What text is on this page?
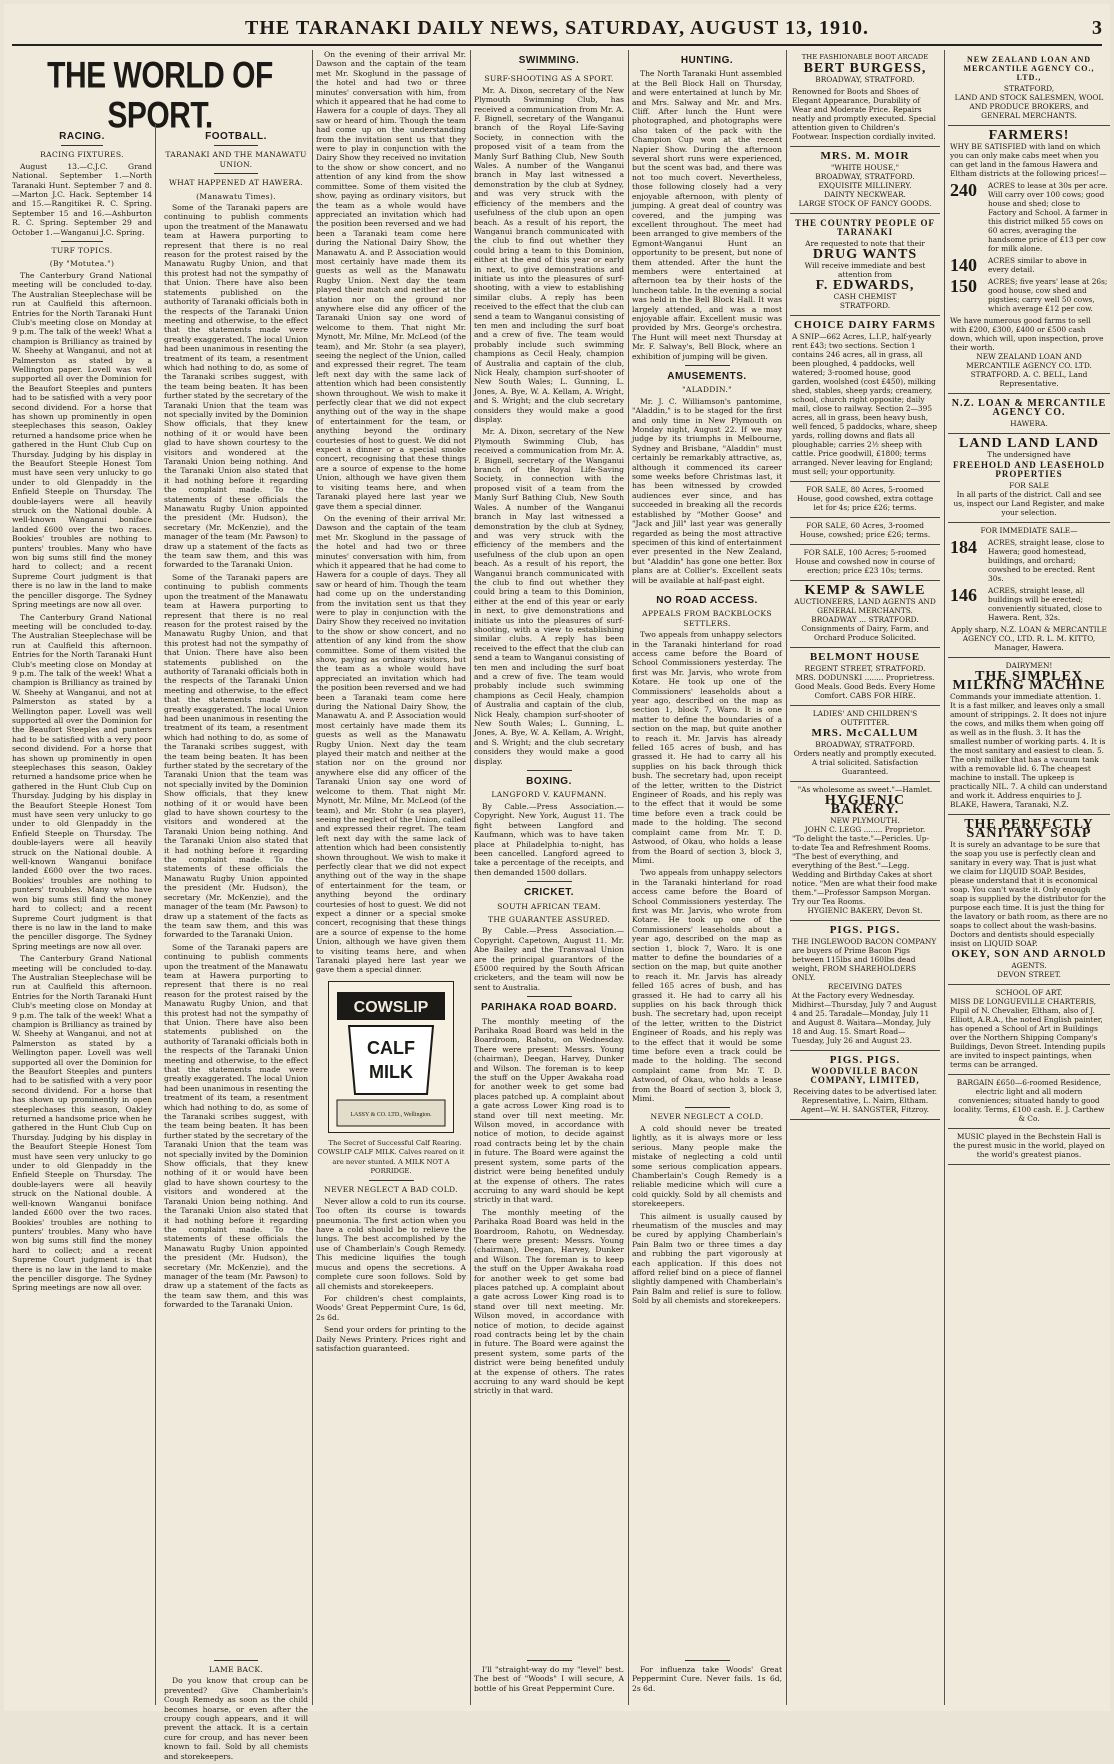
THE TARANAKI DAILY NEWS, SATURDAY, AUGUST 13, 1910.	3
THE WORLD OF SPORT.
RACING.
RACING FIXTURES.

August 13.—C.J.C. Grand National. September 1.—North Taranaki Hunt. September 7 and 8.—Marton J.C. Hack. September 14 and 15.—Rangitikei R. C. Spring. September 15 and 16.—Ashburton R. C. Spring. September 29 and October 1.—Wanganui J.C. Spring.

TURF TOPICS.
(By "Motutea.")

The Canterbury Grand National meeting will be concluded to-day. The Australian Steeplechase will be run at Caulfield this afternoon. Entries for the North Taranaki Hunt Club's meeting close on Monday at 9 p.m. The talk of the week! What a champion is Brilliancy as trained by W. Sheehy at Wanganui, and not at Palmerston as stated by a Wellington paper. Lovell was well supported all over the Dominion for the Beaufort Steeples and punters had to be satisfied with a very poor second dividend. For a horse that has shown up prominently in open steeplechases this season, Oakley returned a handsome price when he gathered in the Hunt Club Cup on Thursday. Judging by his display in the Beaufort Steeple Honest Tom must have seen very unlucky to go under to old Glenpaddy in the Enfield Steeple on Thursday. The double-layers were all heavily struck on the National double. A well-known Wanganui boniface landed £600 over the two races. Bookies' troubles are nothing to punters' troubles. Many who have won big sums still find the money hard to collect; and a recent Supreme Court judgment is that there is no law in the land to make the penciller disgorge. The Sydney Spring meetings are now all over.

The Canterbury Grand National meeting will be concluded to-day. The Australian Steeplechase will be run at Caulfield this afternoon. Entries for the North Taranaki Hunt Club's meeting close on Monday at 9 p.m. The talk of the week! What a champion is Brilliancy as trained by W. Sheehy at Wanganui, and not at Palmerston as stated by a Wellington paper. Lovell was well supported all over the Dominion for the Beaufort Steeples and punters had to be satisfied with a very poor second dividend. For a horse that has shown up prominently in open steeplechases this season, Oakley returned a handsome price when he gathered in the Hunt Club Cup on Thursday. Judging by his display in the Beaufort Steeple Honest Tom must have seen very unlucky to go under to old Glenpaddy in the Enfield Steeple on Thursday. The double-layers were all heavily struck on the National double. A well-known Wanganui boniface landed £600 over the two races. Bookies' troubles are nothing to punters' troubles. Many who have won big sums still find the money hard to collect; and a recent Supreme Court judgment is that there is no law in the land to make the penciller disgorge. The Sydney Spring meetings are now all over.

The Canterbury Grand National meeting will be concluded to-day. The Australian Steeplechase will be run at Caulfield this afternoon. Entries for the North Taranaki Hunt Club's meeting close on Monday at 9 p.m. The talk of the week! What a champion is Brilliancy as trained by W. Sheehy at Wanganui, and not at Palmerston as stated by a Wellington paper. Lovell was well supported all over the Dominion for the Beaufort Steeples and punters had to be satisfied with a very poor second dividend. For a horse that has shown up prominently in open steeplechases this season, Oakley returned a handsome price when he gathered in the Hunt Club Cup on Thursday. Judging by his display in the Beaufort Steeple Honest Tom must have seen very unlucky to go under to old Glenpaddy in the Enfield Steeple on Thursday. The double-layers were all heavily struck on the National double. A well-known Wanganui boniface landed £600 over the two races. Bookies' troubles are nothing to punters' troubles. Many who have won big sums still find the money hard to collect; and a recent Supreme Court judgment is that there is no law in the land to make the penciller disgorge. The Sydney Spring meetings are now all over.

FOOTBALL.
TARANAKI AND THE MANAWATU UNION.
WHAT HAPPENED AT HAWERA.
(Manawatu Times).

Some of the Taranaki papers are continuing to publish comments upon the treatment of the Manawatu team at Hawera purporting to represent that there is no real reason for the protest raised by the Manawatu Rugby Union, and that this protest had not the sympathy of that Union. There have also been statements published on the authority of Taranaki officials both in the respects of the Taranaki Union meeting and otherwise, to the effect that the statements made were greatly exaggerated. The local Union had been unanimous in resenting the treatment of its team, a resentment which had nothing to do, as some of the Taranaki scribes suggest, with the team being beaten. It has been further stated by the secretary of the Taranaki Union that the team was not specially invited by the Dominion Show officials, that they knew nothing of it or would have been glad to have shown courtesy to the visitors and wondered at the Taranaki Union being nothing. And the Taranaki Union also stated that it had nothing before it regarding the complaint made. To the statements of these officials the Manawatu Rugby Union appointed the president (Mr. Hudson), the secretary (Mr. McKenzie), and the manager of the team (Mr. Pawson) to draw up a statement of the facts as the team saw them, and this was forwarded to the Taranaki Union.

Some of the Taranaki papers are continuing to publish comments upon the treatment of the Manawatu team at Hawera purporting to represent that there is no real reason for the protest raised by the Manawatu Rugby Union, and that this protest had not the sympathy of that Union. There have also been statements published on the authority of Taranaki officials both in the respects of the Taranaki Union meeting and otherwise, to the effect that the statements made were greatly exaggerated. The local Union had been unanimous in resenting the treatment of its team, a resentment which had nothing to do, as some of the Taranaki scribes suggest, with the team being beaten. It has been further stated by the secretary of the Taranaki Union that the team was not specially invited by the Dominion Show officials, that they knew nothing of it or would have been glad to have shown courtesy to the visitors and wondered at the Taranaki Union being nothing. And the Taranaki Union also stated that it had nothing before it regarding the complaint made. To the statements of these officials the Manawatu Rugby Union appointed the president (Mr. Hudson), the secretary (Mr. McKenzie), and the manager of the team (Mr. Pawson) to draw up a statement of the facts as the team saw them, and this was forwarded to the Taranaki Union.

Some of the Taranaki papers are continuing to publish comments upon the treatment of the Manawatu team at Hawera purporting to represent that there is no real reason for the protest raised by the Manawatu Rugby Union, and that this protest had not the sympathy of that Union. There have also been statements published on the authority of Taranaki officials both in the respects of the Taranaki Union meeting and otherwise, to the effect that the statements made were greatly exaggerated. The local Union had been unanimous in resenting the treatment of its team, a resentment which had nothing to do, as some of the Taranaki scribes suggest, with the team being beaten. It has been further stated by the secretary of the Taranaki Union that the team was not specially invited by the Dominion Show officials, that they knew nothing of it or would have been glad to have shown courtesy to the visitors and wondered at the Taranaki Union being nothing. And the Taranaki Union also stated that it had nothing before it regarding the complaint made. To the statements of these officials the Manawatu Rugby Union appointed the president (Mr. Hudson), the secretary (Mr. McKenzie), and the manager of the team (Mr. Pawson) to draw up a statement of the facts as the team saw them, and this was forwarded to the Taranaki Union.

LAME BACK.

Do you know that croup can be prevented? Give Chamberlain's Cough Remedy as soon as the child becomes hoarse, or even after the croupy cough appears, and it will prevent the attack. It is a certain cure for croup, and has never been known to fail. Sold by all chemists and storekeepers.

On the evening of their arrival Mr. Dawson and the captain of the team met Mr. Skoglund in the passage of the hotel and had two or three minutes' conversation with him, from which it appeared that he had come to Hawera for a couple of days. They all saw or heard of him. Though the team had come up on the understanding from the invitation sent us that they were to play in conjunction with the Dairy Show they received no invitation to the show or show concert, and no attention of any kind from the show committee. Some of them visited the show, paying as ordinary visitors, but the team as a whole would have appreciated an invitation which had the position been reversed and we had been a Taranaki team come here during the National Dairy Show, the Manawatu A. and P. Association would most certainly have made them its guests as well as the Manawatu Rugby Union. Next day the team played their match and neither at the station nor on the ground nor anywhere else did any officer of the Taranaki Union say one word of welcome to them. That night Mr. Mynott, Mr. Milne, Mr. McLeod (of the team), and Mr. Stohr (a sea player), seeing the neglect of the Union, called and expressed their regret. The team left next day with the same lack of attention which had been consistently shown throughout. We wish to make it perfectly clear that we did not expect anything out of the way in the shape of entertainment for the team, or anything beyond the ordinary courtesies of host to guest. We did not expect a dinner or a special smoke concert, recognising that these things are a source of expense to the home Union, although we have given them to visiting teams here, and when Taranaki played here last year we gave them a special dinner.

On the evening of their arrival Mr. Dawson and the captain of the team met Mr. Skoglund in the passage of the hotel and had two or three minutes' conversation with him, from which it appeared that he had come to Hawera for a couple of days. They all saw or heard of him. Though the team had come up on the understanding from the invitation sent us that they were to play in conjunction with the Dairy Show they received no invitation to the show or show concert, and no attention of any kind from the show committee. Some of them visited the show, paying as ordinary visitors, but the team as a whole would have appreciated an invitation which had the position been reversed and we had been a Taranaki team come here during the National Dairy Show, the Manawatu A. and P. Association would most certainly have made them its guests as well as the Manawatu Rugby Union. Next day the team played their match and neither at the station nor on the ground nor anywhere else did any officer of the Taranaki Union say one word of welcome to them. That night Mr. Mynott, Mr. Milne, Mr. McLeod (of the team), and Mr. Stohr (a sea player), seeing the neglect of the Union, called and expressed their regret. The team left next day with the same lack of attention which had been consistently shown throughout. We wish to make it perfectly clear that we did not expect anything out of the way in the shape of entertainment for the team, or anything beyond the ordinary courtesies of host to guest. We did not expect a dinner or a special smoke concert, recognising that these things are a source of expense to the home Union, although we have given them to visiting teams here, and when Taranaki played here last year we gave them a special dinner.

COWSLIP
CALF
MILK
LASSY & CO. LTD., Wellington.

The Secret of Successful Calf Rearing. COWSLIP CALF MILK. Calves reared on it are never stunted. A MILK NOT A PORRIDGE.

NEVER NEGLECT A BAD COLD.

Never allow a cold to run its course. Too often its course is towards pneumonia. The first action when you have a cold should be to relieve the lungs. The best accomplished by the use of Chamberlain's Cough Remedy. This medicine liquifies the tough mucus and opens the secretions. A complete cure soon follows. Sold by all chemists and storekeepers.

For children's chest complaints, Woods' Great Peppermint Cure, 1s 6d, 2s 6d.

Send your orders for printing to the Daily News Printery. Prices right and satisfaction guaranteed.

SWIMMING.
SURF-SHOOTING AS A SPORT.

Mr. A. Dixon, secretary of the New Plymouth Swimming Club, has received a communication from Mr. A. F. Bignell, secretary of the Wanganui branch of the Royal Life-Saving Society, in connection with the proposed visit of a team from the Manly Surf Bathing Club, New South Wales. A number of the Wanganui branch in May last witnessed a demonstration by the club at Sydney, and was very struck with the efficiency of the members and the usefulness of the club upon an open beach. As a result of his report, the Wanganui branch communicated with the club to find out whether they could bring a team to this Dominion, either at the end of this year or early in next, to give demonstrations and initiate us into the pleasures of surf-shooting, with a view to establishing similar clubs. A reply has been received to the effect that the club can send a team to Wanganui consisting of ten men and including the surf boat and a crew of five. The team would probably include such swimming champions as Cecil Healy, champion of Australia and captain of the club, Nick Healy, champion surf-shooter of New South Wales; L. Gunning, L. Jones, A. Bye, W. A. Kellam, A. Wright, and S. Wright; and the club secretary considers they would make a good display.

Mr. A. Dixon, secretary of the New Plymouth Swimming Club, has received a communication from Mr. A. F. Bignell, secretary of the Wanganui branch of the Royal Life-Saving Society, in connection with the proposed visit of a team from the Manly Surf Bathing Club, New South Wales. A number of the Wanganui branch in May last witnessed a demonstration by the club at Sydney, and was very struck with the efficiency of the members and the usefulness of the club upon an open beach. As a result of his report, the Wanganui branch communicated with the club to find out whether they could bring a team to this Dominion, either at the end of this year or early in next, to give demonstrations and initiate us into the pleasures of surf-shooting, with a view to establishing similar clubs. A reply has been received to the effect that the club can send a team to Wanganui consisting of ten men and including the surf boat and a crew of five. The team would probably include such swimming champions as Cecil Healy, champion of Australia and captain of the club, Nick Healy, champion surf-shooter of New South Wales; L. Gunning, L. Jones, A. Bye, W. A. Kellam, A. Wright, and S. Wright; and the club secretary considers they would make a good display.

BOXING.
LANGFORD V. KAUFMANN.

By Cable.—Press Association.—Copyright. New York, August 11. The fight between Langford and Kaufmann, which was to have taken place at Philadelphia to-night, has been cancelled. Langford agreed to take a percentage of the receipts, and then demanded 1500 dollars.

CRICKET.
SOUTH AFRICAN TEAM.
THE GUARANTEE ASSURED.

By Cable.—Press Association.—Copyright. Capetown, August 11. Mr. Abe Bailey and the Transvaal Union are the principal guarantors of the £5000 required by the South African cricketers, and the team will now be sent to Australia.

PARIHAKA ROAD BOARD.

The monthly meeting of the Parihaka Road Board was held in the Boardroom, Rahotu, on Wednesday. There were present: Messrs. Young (chairman), Deegan, Harvey, Dunker and Wilson. The foreman is to keep the stuff on the Upper Awakaha road for another week to get some bad places patched up. A complaint about a gate across Lower King road is to stand over till next meeting. Mr. Wilson moved, in accordance with notice of motion, to decide against road contracts being let by the chain in future. The Board were against the present system, some parts of the district were being benefited unduly at the expense of others. The rates accruing to any ward should be kept strictly in that ward.

The monthly meeting of the Parihaka Road Board was held in the Boardroom, Rahotu, on Wednesday. There were present: Messrs. Young (chairman), Deegan, Harvey, Dunker and Wilson. The foreman is to keep the stuff on the Upper Awakaha road for another week to get some bad places patched up. A complaint about a gate across Lower King road is to stand over till next meeting. Mr. Wilson moved, in accordance with notice of motion, to decide against road contracts being let by the chain in future. The Board were against the present system, some parts of the district were being benefited unduly at the expense of others. The rates accruing to any ward should be kept strictly in that ward.

I'll "straight-way do my "level" best. The best of "Woods" I will secure, A bottle of his Great Peppermint Cure.

HUNTING.

The North Taranaki Hunt assembled at the Bell Block Hall on Thursday, and were entertained at lunch by Mr. and Mrs. Salway and Mr. and Mrs. Cliff. After lunch the Hunt were photographed, and photographs were also taken of the pack with the Champion Cup won at the recent Napier Show. During the afternoon several short runs were experienced, but the scent was bad, and there was not too much covert. Nevertheless, those following closely had a very enjoyable afternoon, with plenty of jumping. A great deal of country was covered, and the jumping was excellent throughout. The meet had been arranged to give members of the Egmont-Wanganui Hunt an opportunity to be present, but none of them attended. After the hunt the members were entertained at afternoon tea by their hosts of the luncheon table. In the evening a social was held in the Bell Block Hall. It was largely attended, and was a most enjoyable affair. Excellent music was provided by Mrs. George's orchestra. The Hunt will meet next Thursday at Mr. F. Salway's, Bell Block, where an exhibition of jumping will be given.

AMUSEMENTS.
"ALADDIN."

Mr. J. C. Williamson's pantomime, "Aladdin," is to be staged for the first and only time in New Plymouth on Monday night, August 22. If we may judge by its triumphs in Melbourne, Sydney and Brisbane, "Aladdin" must certainly be remarkably attractive, as, although it commenced its career some weeks before Christmas last, it has been witnessed by crowded audiences ever since, and has succeeded in breaking all the records established by "Mother Goose" and "Jack and Jill" last year was generally regarded as being the most attractive specimen of this kind of entertainment ever presented in the New Zealand, but "Aladdin" has gone one better. Box plans are at Collier's. Excellent seats will be available at half-past eight.

NO ROAD ACCESS.
APPEALS FROM BACKBLOCKS SETTLERS.

Two appeals from unhappy selectors in the Taranaki hinterland for road access came before the Board of School Commissioners yesterday. The first was Mr. Jarvis, who wrote from Kotare. He took up one of the Commissioners' leaseholds about a year ago, described on the map as section 1, block 7, Waro. It is one matter to define the boundaries of a section on the map, but quite another to reach it. Mr. Jarvis has already felled 165 acres of bush, and has grassed it. He had to carry all his supplies on his back through thick bush. The secretary had, upon receipt of the letter, written to the District Engineer of Roads, and his reply was to the effect that it would be some time before even a track could be made to the holding. The second complaint came from Mr. T. D. Astwood, of Okau, who holds a lease from the Board of section 3, block 3, Mimi.

Two appeals from unhappy selectors in the Taranaki hinterland for road access came before the Board of School Commissioners yesterday. The first was Mr. Jarvis, who wrote from Kotare. He took up one of the Commissioners' leaseholds about a year ago, described on the map as section 1, block 7, Waro. It is one matter to define the boundaries of a section on the map, but quite another to reach it. Mr. Jarvis has already felled 165 acres of bush, and has grassed it. He had to carry all his supplies on his back through thick bush. The secretary had, upon receipt of the letter, written to the District Engineer of Roads, and his reply was to the effect that it would be some time before even a track could be made to the holding. The second complaint came from Mr. T. D. Astwood, of Okau, who holds a lease from the Board of section 3, block 3, Mimi.

NEVER NEGLECT A COLD.

A cold should never be treated lightly, as it is always more or less serious. Many people make the mistake of neglecting a cold until some serious complication appears. Chamberlain's Cough Remedy is a reliable medicine which will cure a cold quickly. Sold by all chemists and storekeepers.

This ailment is usually caused by rheumatism of the muscles and may be cured by applying Chamberlain's Pain Balm two or three times a day and rubbing the part vigorously at each application. If this does not afford relief bind on a piece of flannel slightly dampened with Chamberlain's Pain Balm and relief is sure to follow. Sold by all chemists and storekeepers.

For influenza take Woods' Great Peppermint Cure. Never fails. 1s 6d, 2s 6d.

THE FASHIONABLE BOOT ARCADE
BERT BURGESS,
BROADWAY, STRATFORD.
Renowned for Boots and Shoes of Elegant Appearance, Durability of Wear and Moderate Price. Repairs neatly and promptly executed. Special attention given to Children's Footwear. Inspection cordially invited.
MRS. M. MOIR
"WHITE HOUSE,"
BROADWAY, STRATFORD.
EXQUISITE MILLINERY.
DAINTY NECKWEAR.
LARGE STOCK OF FANCY GOODS.
THE COUNTRY PEOPLE OF TARANAKI
Are requested to note that their
DRUG WANTS
Will receive immediate and best attention from
F. EDWARDS,
CASH CHEMIST
STRATFORD.
CHOICE DAIRY FARMS
A SNIP—662 Acres, L.I.P., half-yearly rent £43; two sections. Section 1 contains 246 acres, all in grass, all been ploughed, 4 paddocks, well watered; 3-roomed house, good garden, woolshed (cost £450), milking shed, stables, sheep yards; creamery, school, church right opposite; daily mail, close to railway. Section 2—395 acres, all in grass, been heavy bush, well fenced, 5 paddocks, whare, sheep yards, rolling downs and flats all ploughable; carries 2½ sheep with cattle. Price goodwill, £1800; terms arranged. Never leaving for England; must sell; your opportunity.
FOR SALE, 80 Acres, 5-roomed House, good cowshed, extra cottage let for 4s; price £26; terms.
FOR SALE, 60 Acres, 3-roomed House, cowshed; price £26; terms.
FOR SALE, 100 Acres; 5-roomed House and cowshed now in course of erection; price £23 10s; terms.
KEMP & SAWLE
AUCTIONEERS, LAND AGENTS AND GENERAL MERCHANTS.
BROADWAY ... STRATFORD.
Consignments of Dairy, Farm, and Orchard Produce Solicited.
BELMONT HOUSE
REGENT STREET, STRATFORD.
MRS. DODUNSKI ........ Proprietress.
Good Meals. Good Beds. Every Home Comfort. CABS FOR HIRE.
LADIES' AND CHILDREN'S OUTFITTER.
MRS. McCALLUM
BROADWAY, STRATFORD.
Orders neatly and promptly executed. A trial solicited. Satisfaction Guaranteed.
"As wholesome as sweet."—Hamlet.
HYGIENIC BAKERY.
NEW PLYMOUTH.
JOHN C. LEGG ........ Proprietor.
"To delight the taste."—Pericles. Up-to-date Tea and Refreshment Rooms. "The best of everything, and everything of the Best."—Legg. Wedding and Birthday Cakes at short notice. "Men are what their food make them."—Professor Sampson Morgan. Try our Tea Rooms.
HYGIENIC BAKERY, Devon St.
PIGS. PIGS.
THE INGLEWOOD BACON COMPANY are buyers of Prime Bacon Pigs between 115lbs and 160lbs dead weight, FROM SHAREHOLDERS ONLY.
RECEIVING DATES
At the Factory every Wednesday. Midhirst—Thursday, July 7 and August 4 and 25. Taradale—Monday, July 11 and August 8. Waitara—Monday, July 18 and Aug. 15. Smart Road—Tuesday, July 26 and August 23.
PIGS. PIGS.
WOODVILLE BACON COMPANY, LIMITED,
Receiving dates to be advertised later. Representative, L. Nairn, Eltham. Agent—W. H. SANGSTER, Fitzroy.
NEW ZEALAND LOAN AND MERCANTILE AGENCY CO., LTD.,
STRATFORD,
LAND AND STOCK SALESMEN, WOOL AND PRODUCE BROKERS, and GENERAL MERCHANTS.
FARMERS!
WHY BE SATISFIED with land on which you can only make cabs meet when you can get land in the famous Hawera and Eltham districts at the following prices!—
240	ACRES to lease at 30s per acre. Will carry over 100 cows; good house and shed; close to Factory and School. A farmer in this district milked 55 cows on 60 acres, averaging the handsome price of £13 per cow for milk alone.
140	ACRES similar to above in every detail.
150	ACRES; five years' lease at 26s; good house, cow shed and pigsties; carry well 50 cows, which average £12 per cow.
We have numerous good farms to sell with £200, £300, £400 or £500 cash down, which will, upon inspection, prove their worth.
NEW ZEALAND LOAN AND MERCANTILE AGENCY CO. LTD. STRATFORD. A. C. BELL, Land Representative.
N.Z. LOAN & MERCANTILE AGENCY CO.
HAWERA.
LAND LAND LAND
The undersigned have
FREEHOLD AND LEASEHOLD PROPERTIES
FOR SALE
In all parts of the district. Call and see us, inspect our Land Register, and make your selection.
FOR IMMEDIATE SALE—
184	ACRES, straight lease, close to Hawera; good homestead, buildings, and orchard; cowshed to be erected. Rent 30s.
146	ACRES, straight lease, all buildings will be erected; conveniently situated, close to Hawera. Rent, 32s.
Apply sharp, N.Z. LOAN & MERCANTILE AGENCY CO., LTD. R. L. M. KITTO, Manager, Hawera.
DAIRYMEN!
THE SIMPLEX MILKING MACHINE
Commands your immediate attention. 1. It is a fast milker, and leaves only a small amount of strippings. 2. It does not injure the cows, and milks them when going off as well as in the flush. 3. It has the smallest number of working parts. 4. It is the most sanitary and easiest to clean. 5. The only milker that has a vacuum tank with a removable lid. 6. The cheapest machine to install. The upkeep is practically NIL. 7. A child can understand and work it. Address enquiries to J. BLAKE, Hawera, Taranaki, N.Z.
THE PERFECTLY SANITARY SOAP
It is surely an advantage to be sure that the soap you use is perfectly clean and sanitary in every way. That is just what we claim for LIQUID SOAP. Besides, please understand that it is economical soap. You can't waste it. Only enough soap is supplied by the distributor for the purpose each time. It is just the thing for the lavatory or bath room, as there are no soaps to collect about the wash-basins. Doctors and dentists should especially insist on LIQUID SOAP.
OKEY, SON AND ARNOLD
AGENTS.
DEVON STREET.
SCHOOL OF ART.
MISS DE LONGUEVILLE CHARTERIS, Pupil of N. Chevalier, Eltham, also of J. Elliott, A.R.A., the noted English painter, has opened a School of Art in Buildings over the Northern Shipping Company's Buildings, Devon Street. Intending pupils are invited to inspect paintings, when terms can be arranged.
BARGAIN £650—6-roomed Residence, electric light and all modern conveniences; situated handy to good locality. Terms, £100 cash. E. J. Carthew & Co.
MUSIC played in the Bechstein Hall is the purest music in the world, played on the world's greatest pianos.
